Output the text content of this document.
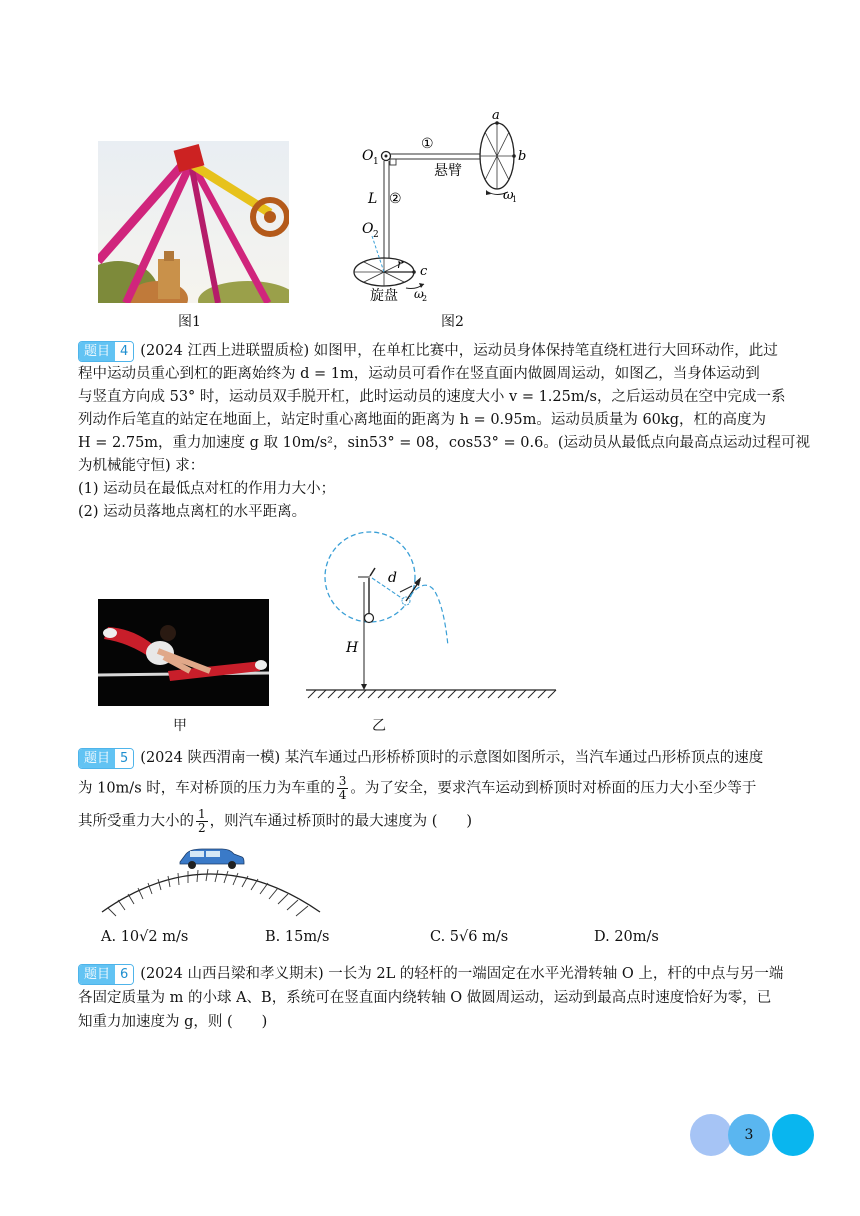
图1
O 1
①
悬臂
L ②
O 2
a
b
r c
ω
1
旋盘 ω
2
图2
题目 4 (2024 江西上进联盟质检) 如图甲，在单杠比赛中，运动员身体保持笔直绕杠进行大回环动作，此过
程中运动员重心到杠的距离始终为 d = 1m，运动员可看作在竖直面内做圆周运动，如图乙，当身体运动到
与竖直方向成 53° 时，运动员双手脱开杠，此时运动员的速度大小 v = 1.25m/s，之后运动员在空中完成一系
列动作后笔直的站定在地面上，站定时重心离地面的距离为 h = 0.95m。运动员质量为 60kg，杠的高度为
H = 2.75m，重力加速度 g 取 10m/s²，sin53° = 08，cos53° = 0.6。(运动员从最低点向最高点运动过程可视
为机械能守恒) 求：
(1) 运动员在最低点对杠的作用力大小；
(2) 运动员落地点离杠的水平距离。
甲
d
H
乙
题目 5 (2024 陕西渭南一模) 某汽车通过凸形桥桥顶时的示意图如图所示，当汽车通过凸形桥顶点的速度
为 10m/s 时，车对桥顶的压力为车重的 $\frac{3}{4}$ 。为了安全，要求汽车运动到桥顶时对桥面的压力大小至少等于
其所受重力大小的 $\frac{1}{2}$ ，则汽车通过桥顶时的最大速度为 (　　)
A. 10√2 m/s	B. 15m/s	C. 5√6 m/s	D. 20m/s
题目 6 (2024 山西吕梁和孝义期末) 一长为 2L 的轻杆的一端固定在水平光滑转轴 O 上，杆的中点与另一端
各固定质量为 m 的小球 A、B，系统可在竖直面内绕转轴 O 做圆周运动，运动到最高点时速度恰好为零，已
知重力加速度为 g，则 (　　)
3
